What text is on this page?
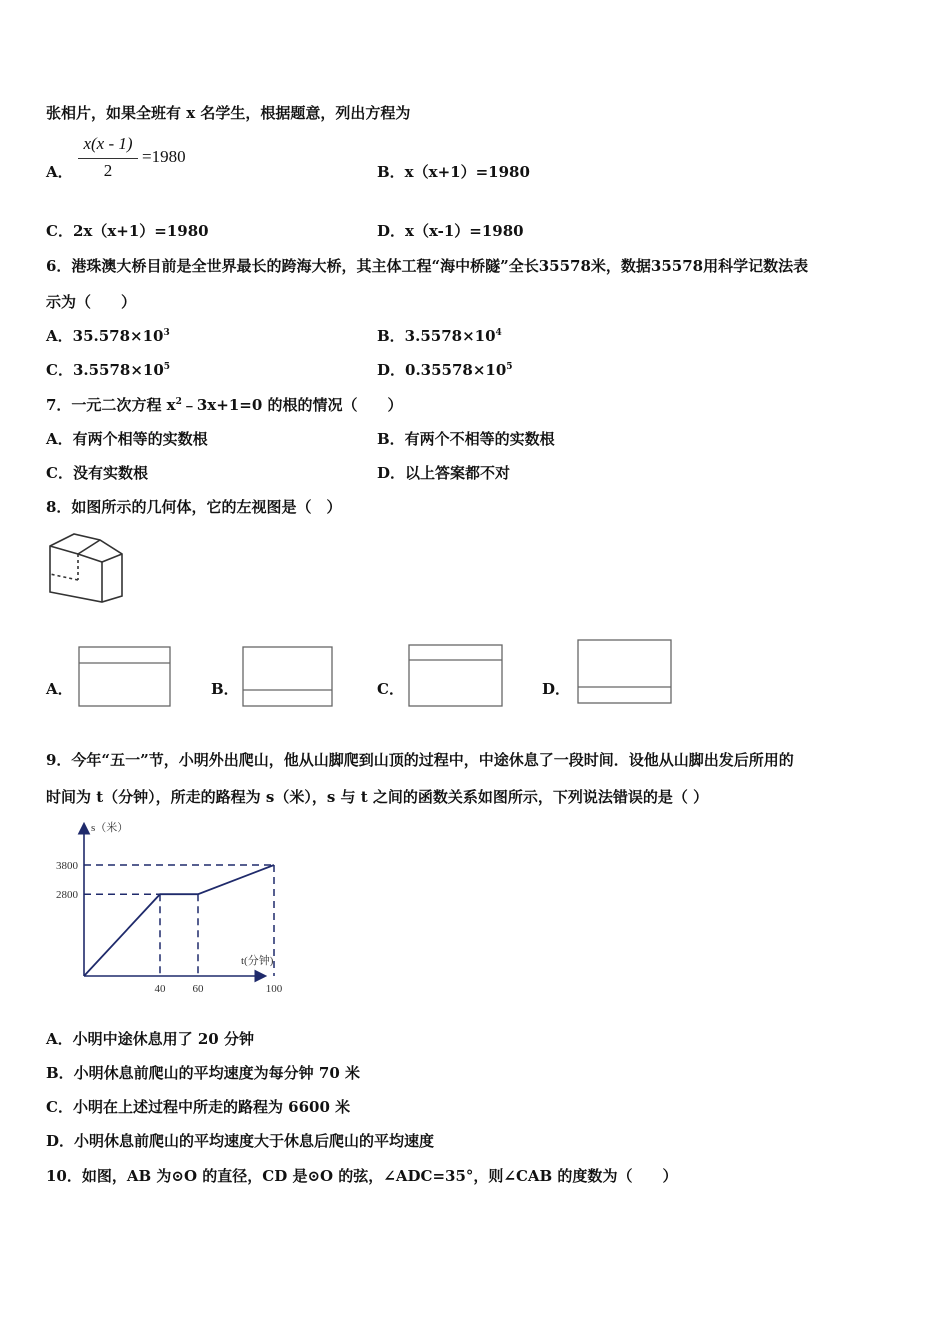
张相片，如果全班有 x 名学生，根据题意，列出方程为
A．
x(x - 1)
2
=1980
B．x（x+1）=1980
C．2x（x+1）=1980	D．x（x-1）=1980
6．港珠澳大桥目前是全世界最长的跨海大桥，其主体工程“海中桥隧”全长35578米，数据35578用科学记数法表
示为（　　）
A．$35.578\times 10^3$	B．$3.5578\times 10^4$
C．$3.5578\times 10^5$	D．$0.35578\times 10^5$
7．一元二次方程 $x^2﹣3x+1=0$ 的根的情况（　　）
A．有两个相等的实数根	B．有两个不相等的实数根
C．没有实数根	D．以上答案都不对
8．如图所示的几何体，它的左视图是（　）
A．	B．	C．	D．
9．今年“五一”节，小明外出爬山，他从山脚爬到山顶的过程中，中途休息了一段时间．设他从山脚出发后所用的
时间为 t（分钟），所走的路程为 s（米），s 与 t 之间的函数关系如图所示，下列说法错误的是（ ）
s（米）
t(分钟)
2800
3800
40 60	100
A．小明中途休息用了 20 分钟
B．小明休息前爬山的平均速度为每分钟 70 米
C．小明在上述过程中所走的路程为 6600 米
D．小明休息前爬山的平均速度大于休息后爬山的平均速度
10．如图，AB 为⊙O 的直径，CD 是⊙O 的弦，∠ADC=35°，则∠CAB 的度数为（　　）
